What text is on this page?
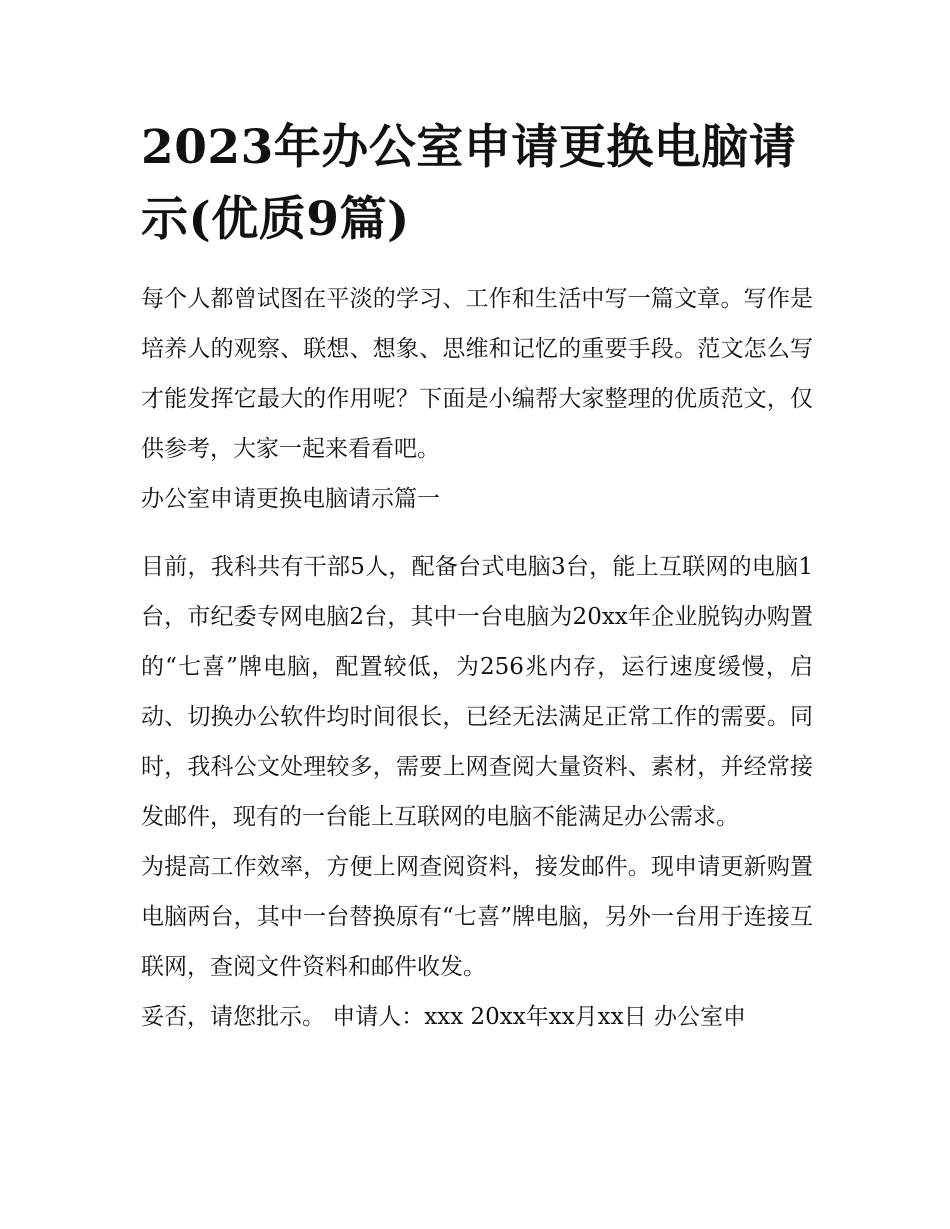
2023年办公室申请更换电脑请示(优质9篇)

每个人都曾试图在平淡的学习、工作和生活中写一篇文章。写作是培养人的观察、联想、想象、思维和记忆的重要手段。范文怎么写才能发挥它最大的作用呢？下面是小编帮大家整理的优质范文，仅供参考，大家一起来看看吧。

办公室申请更换电脑请示篇一

目前，我科共有干部5人，配备台式电脑3台，能上互联网的电脑1台，市纪委专网电脑2台，其中一台电脑为20xx年企业脱钩办购置的“七喜”牌电脑，配置较低，为256兆内存，运行速度缓慢，启动、切换办公软件均时间很长，已经无法满足正常工作的需要。同时，我科公文处理较多，需要上网查阅大量资料、素材，并经常接发邮件，现有的一台能上互联网的电脑不能满足办公需求。

为提高工作效率，方便上网查阅资料，接发邮件。现申请更新购置电脑两台，其中一台替换原有“七喜”牌电脑，另外一台用于连接互联网，查阅文件资料和邮件收发。

妥否，请您批示。 申请人：xxx 20xx年xx月xx日 办公室申
